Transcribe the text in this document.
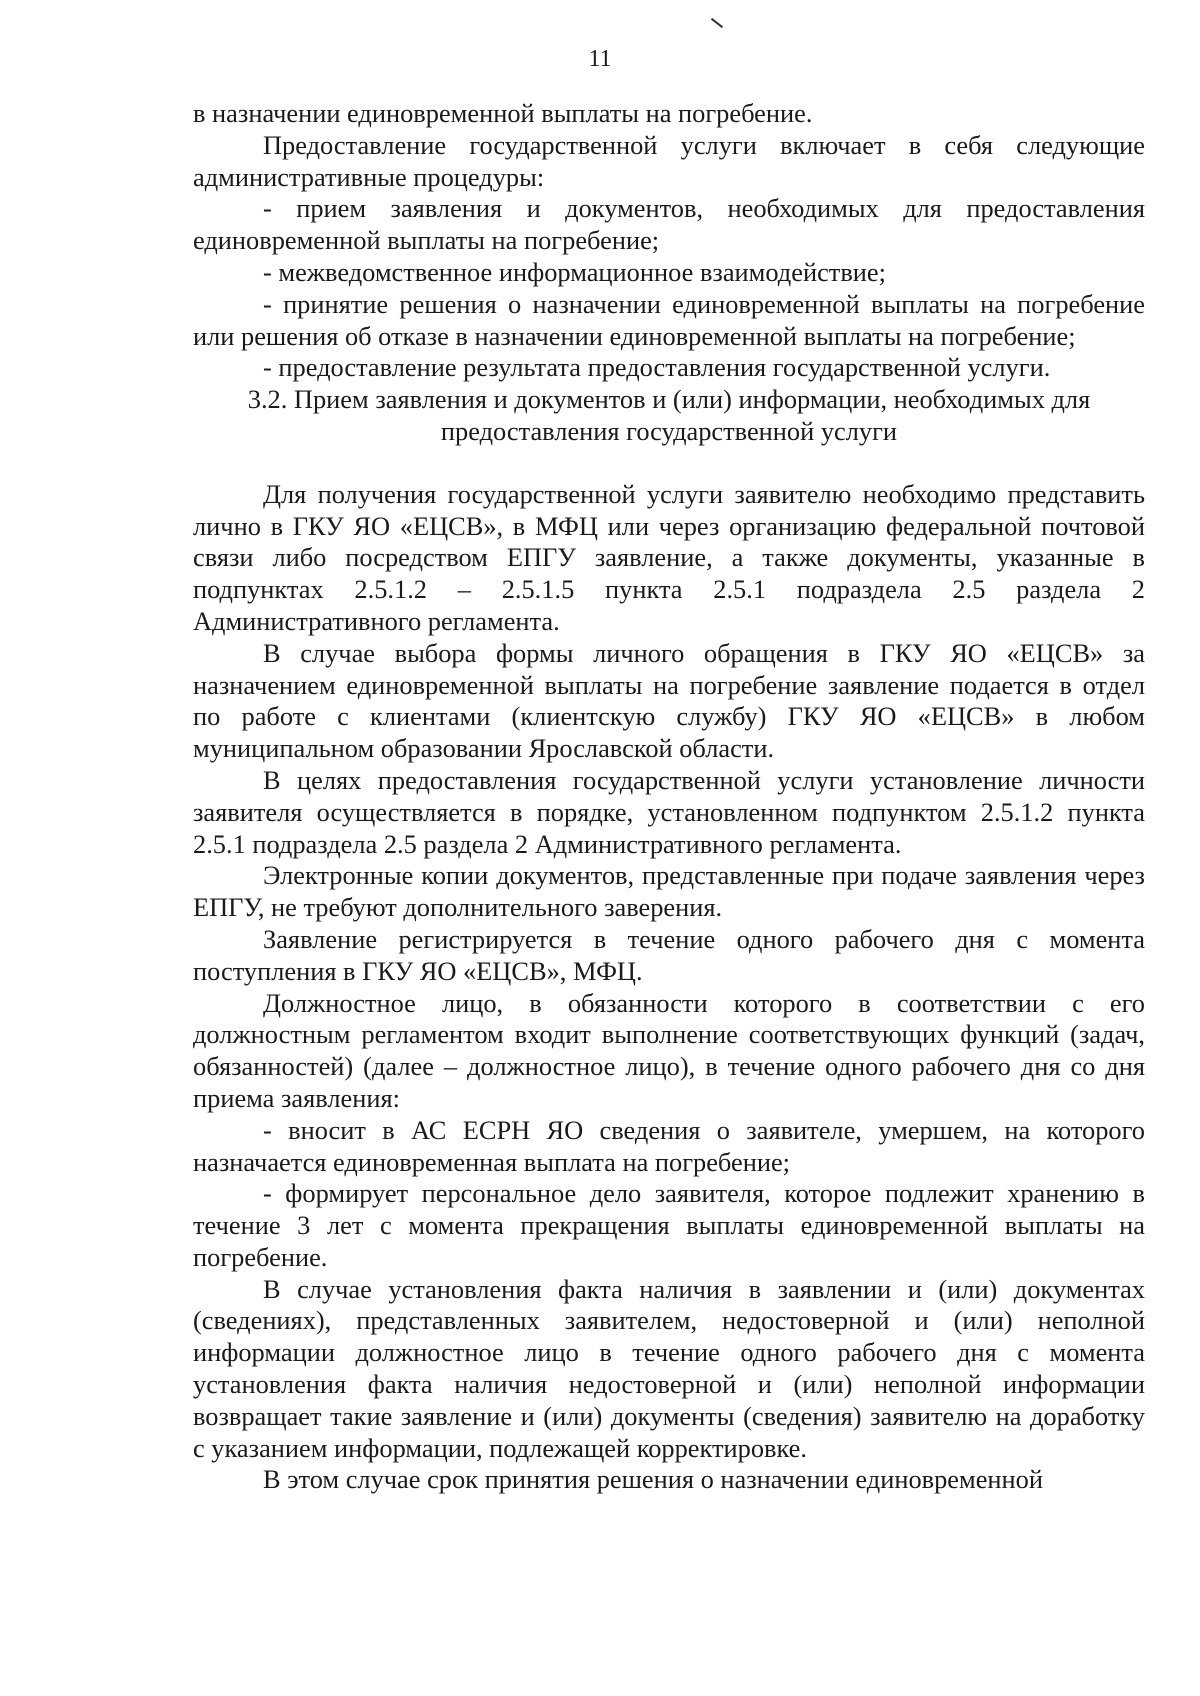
11

в назначении единовременной выплаты на погребение.

Предоставление государственной услуги включает в себя следующие административные процедуры:

- прием заявления и документов, необходимых для предоставления единовременной выплаты на погребение;

- межведомственное информационное взаимодействие;

- принятие решения о назначении единовременной выплаты на погребение или решения об отказе в назначении единовременной выплаты на погребение;

- предоставление результата предоставления государственной услуги.

3.2. Прием заявления и документов и (или) информации, необходимых для предоставления государственной услуги

Для получения государственной услуги заявителю необходимо представить лично в ГКУ ЯО «ЕЦСВ», в МФЦ или через организацию федеральной почтовой связи либо посредством ЕПГУ заявление, а также документы, указанные в подпунктах 2.5.1.2 – 2.5.1.5 пункта 2.5.1 подраздела 2.5 раздела 2 Административного регламента.

В случае выбора формы личного обращения в ГКУ ЯО «ЕЦСВ» за назначением единовременной выплаты на погребение заявление подается в отдел по работе с клиентами (клиентскую службу) ГКУ ЯО «ЕЦСВ» в любом муниципальном образовании Ярославской области.

В целях предоставления государственной услуги установление личности заявителя осуществляется в порядке, установленном подпунктом 2.5.1.2 пункта 2.5.1 подраздела 2.5 раздела 2 Административного регламента.

Электронные копии документов, представленные при подаче заявления через ЕПГУ, не требуют дополнительного заверения.

Заявление регистрируется в течение одного рабочего дня с момента поступления в ГКУ ЯО «ЕЦСВ», МФЦ.

Должностное лицо, в обязанности которого в соответствии с его должностным регламентом входит выполнение соответствующих функций (задач, обязанностей) (далее – должностное лицо), в течение одного рабочего дня со дня приема заявления:

- вносит в АС ЕСРН ЯО сведения о заявителе, умершем, на которого назначается единовременная выплата на погребение;

- формирует персональное дело заявителя, которое подлежит хранению в течение 3 лет с момента прекращения выплаты единовременной выплаты на погребение.

В случае установления факта наличия в заявлении и (или) документах (сведениях), представленных заявителем, недостоверной и (или) неполной информации должностное лицо в течение одного рабочего дня с момента установления факта наличия недостоверной и (или) неполной информации возвращает такие заявление и (или) документы (сведения) заявителю на доработку с указанием информации, подлежащей корректировке.

В этом случае срок принятия решения о назначении единовременной
